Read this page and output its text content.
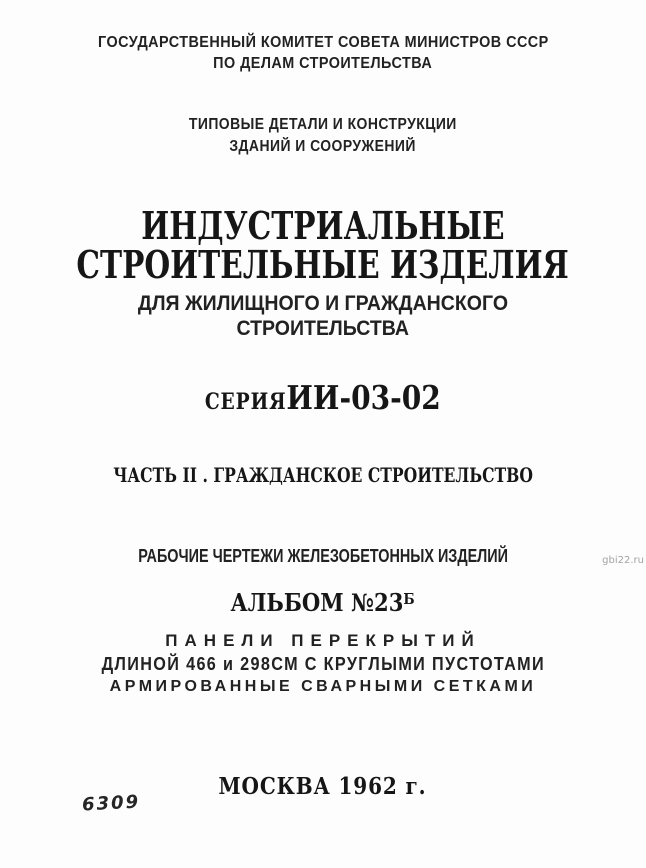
ГОСУДАРСТВЕННЫЙ КОМИТЕТ СОВЕТА МИНИСТРОВ СССР
ПО ДЕЛАМ СТРОИТЕЛЬСТВА
ТИПОВЫЕ ДЕТАЛИ И КОНСТРУКЦИИ
ЗДАНИЙ И СООРУЖЕНИЙ
ИНДУСТРИАЛЬНЫЕ
СТРОИТЕЛЬНЫЕ ИЗДЕЛИЯ
ДЛЯ ЖИЛИЩНОГО И ГРАЖДАНСКОГО
СТРОИТЕЛЬСТВА
СЕРИЯИИ-03-02
ЧАСТЬ II . ГРАЖДАНСКОЕ СТРОИТЕЛЬСТВО
РАБОЧИЕ ЧЕРТЕЖИ ЖЕЛЕЗОБЕТОННЫХ ИЗДЕЛИЙ
АЛЬБОМ $№23^Б$
ПАНЕЛИ ПЕРЕКРЫТИЙ
ДЛИНОЙ 466 и 298СМ С КРУГЛЫМИ ПУСТОТАМИ
АРМИРОВАННЫЕ СВАРНЫМИ СЕТКАМИ
МОСКВА 1962 г.
6309
gbi22.ru
